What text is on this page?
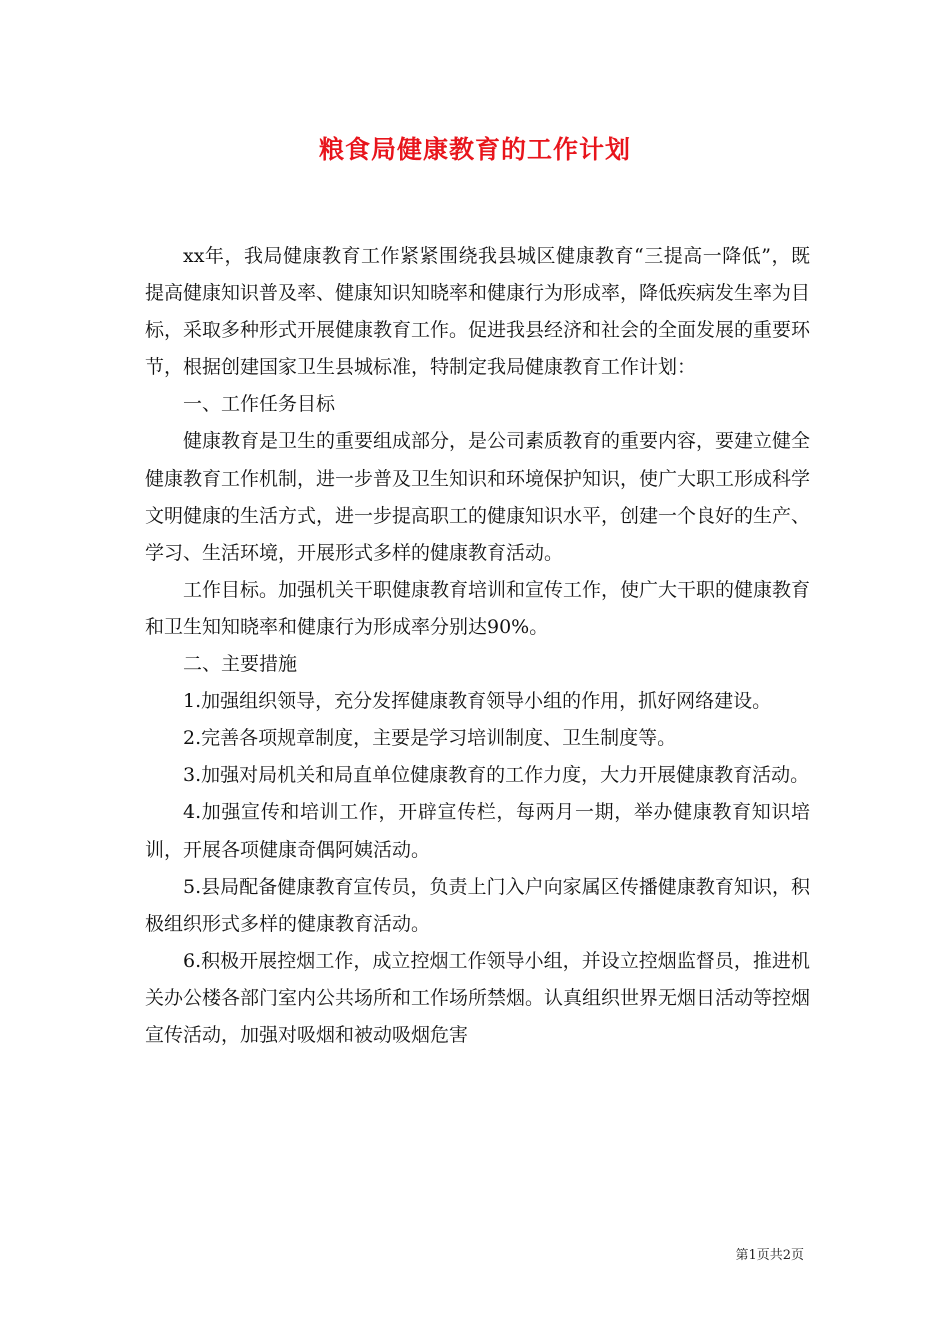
粮食局健康教育的工作计划

xx年，我局健康教育工作紧紧围绕我县城区健康教育“三提高一降低”，既提高健康知识普及率、健康知识知晓率和健康行为形成率，降低疾病发生率为目标，采取多种形式开展健康教育工作。促进我县经济和社会的全面发展的重要环节，根据创建国家卫生县城标准，特制定我局健康教育工作计划：

一、工作任务目标

健康教育是卫生的重要组成部分，是公司素质教育的重要内容，要建立健全健康教育工作机制，进一步普及卫生知识和环境保护知识，使广大职工形成科学文明健康的生活方式，进一步提高职工的健康知识水平，创建一个良好的生产、学习、生活环境，开展形式多样的健康教育活动。

工作目标。加强机关干职健康教育培训和宣传工作，使广大干职的健康教育和卫生知知晓率和健康行为形成率分别达90%。

二、主要措施

1.加强组织领导，充分发挥健康教育领导小组的作用，抓好网络建设。

2.完善各项规章制度，主要是学习培训制度、卫生制度等。

3.加强对局机关和局直单位健康教育的工作力度，大力开展健康教育活动。

4.加强宣传和培训工作，开辟宣传栏，每两月一期，举办健康教育知识培训，开展各项健康奇偶阿姨活动。

5.县局配备健康教育宣传员，负责上门入户向家属区传播健康教育知识，积极组织形式多样的健康教育活动。

6.积极开展控烟工作，成立控烟工作领导小组，并设立控烟监督员，推进机关办公楼各部门室内公共场所和工作场所禁烟。认真组织世界无烟日活动等控烟宣传活动，加强对吸烟和被动吸烟危害

第1页共2页
